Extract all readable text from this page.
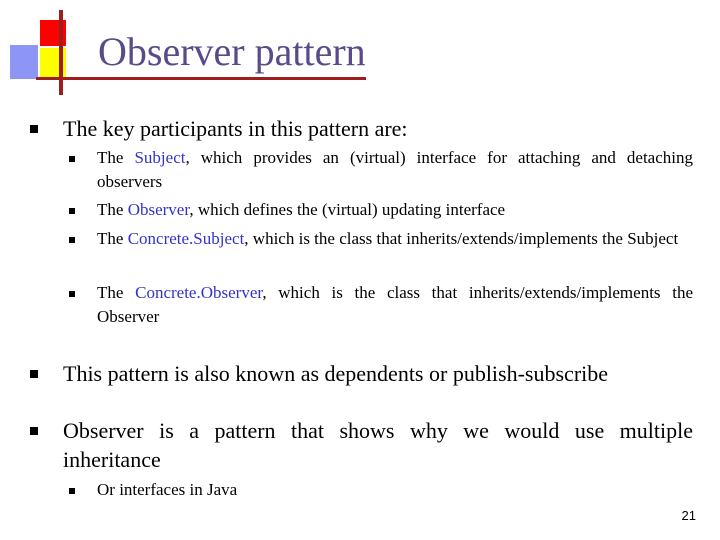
Observer pattern
The key participants in this pattern are:
The Subject, which provides an (virtual) interface for attaching and detaching observers
The Observer, which defines the (virtual) updating interface
The Concrete.Subject, which is the class that inherits/extends/implements the Subject
The Concrete.Observer, which is the class that inherits/extends/implements the Observer
This pattern is also known as dependents or publish-subscribe
Observer is a pattern that shows why we would use multiple inheritance
Or interfaces in Java
21
